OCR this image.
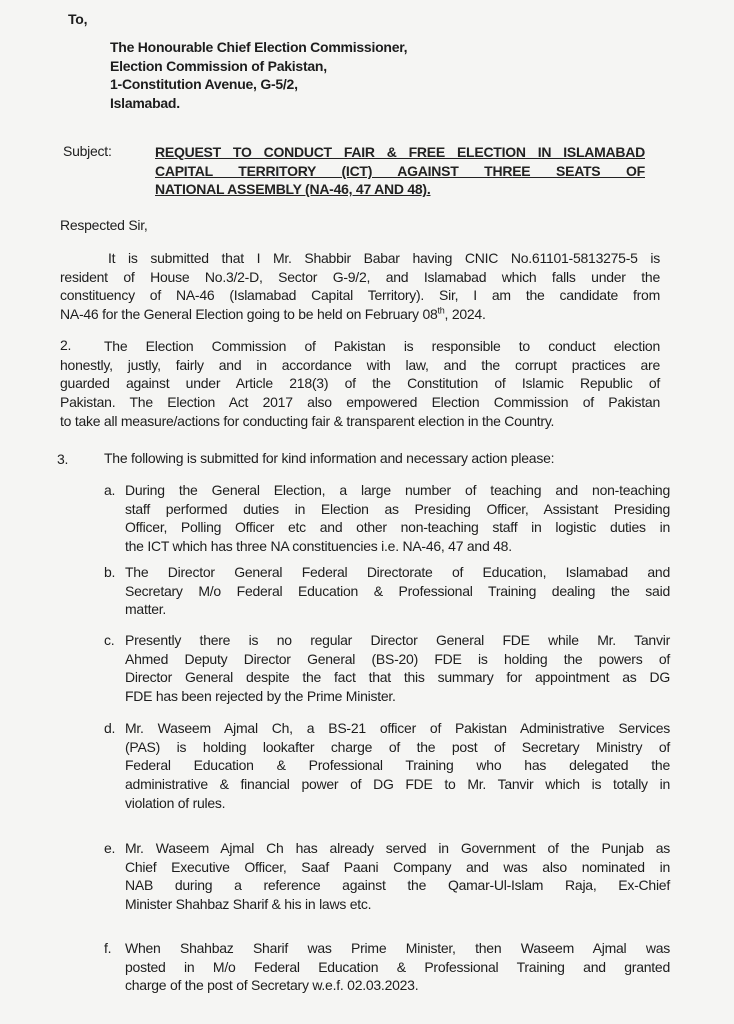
To,
The Honourable Chief Election Commissioner,
Election Commission of Pakistan,
1-Constitution Avenue, G-5/2,
Islamabad.
Subject:	REQUEST TO CONDUCT FAIR & FREE ELECTION IN ISLAMABAD
CAPITAL TERRITORY (ICT) AGAINST THREE SEATS OF
NATIONAL ASSEMBLY (NA-46, 47 AND 48).
Respected Sir,
It is submitted that I Mr. Shabbir Babar having CNIC No.61101-5813275-5 is
resident of House No.3/2-D, Sector G-9/2, and Islamabad which falls under the
constituency of NA-46 (Islamabad Capital Territory). Sir, I am the candidate from
NA-46 for the General Election going to be held on February 08th, 2024.
The Election Commission of Pakistan is responsible to conduct election
honestly, justly, fairly and in accordance with law, and the corrupt practices are
guarded against under Article 218(3) of the Constitution of Islamic Republic of
Pakistan. The Election Act 2017 also empowered Election Commission of Pakistan
to take all measure/actions for conducting fair & transparent election in the Country.
2.
3.	The following is submitted for kind information and necessary action please:
a. During the General Election, a large number of teaching and non-teaching
staff performed duties in Election as Presiding Officer, Assistant Presiding
Officer, Polling Officer etc and other non-teaching staff in logistic duties in
the ICT which has three NA constituencies i.e. NA-46, 47 and 48.
b. The Director General Federal Directorate of Education, Islamabad and
Secretary M/o Federal Education & Professional Training dealing the said
matter.
c. Presently there is no regular Director General FDE while Mr. Tanvir
Ahmed Deputy Director General (BS-20) FDE is holding the powers of
Director General despite the fact that this summary for appointment as DG
FDE has been rejected by the Prime Minister.
d. Mr. Waseem Ajmal Ch, a BS-21 officer of Pakistan Administrative Services
(PAS) is holding lookafter charge of the post of Secretary Ministry of
Federal Education & Professional Training who has delegated the
administrative & financial power of DG FDE to Mr. Tanvir which is totally in
violation of rules.
e. Mr. Waseem Ajmal Ch has already served in Government of the Punjab as
Chief Executive Officer, Saaf Paani Company and was also nominated in
NAB during a reference against the Qamar-Ul-Islam Raja, Ex-Chief
Minister Shahbaz Sharif & his in laws etc.
f. When Shahbaz Sharif was Prime Minister, then Waseem Ajmal was
posted in M/o Federal Education & Professional Training and granted
charge of the post of Secretary w.e.f. 02.03.2023.
